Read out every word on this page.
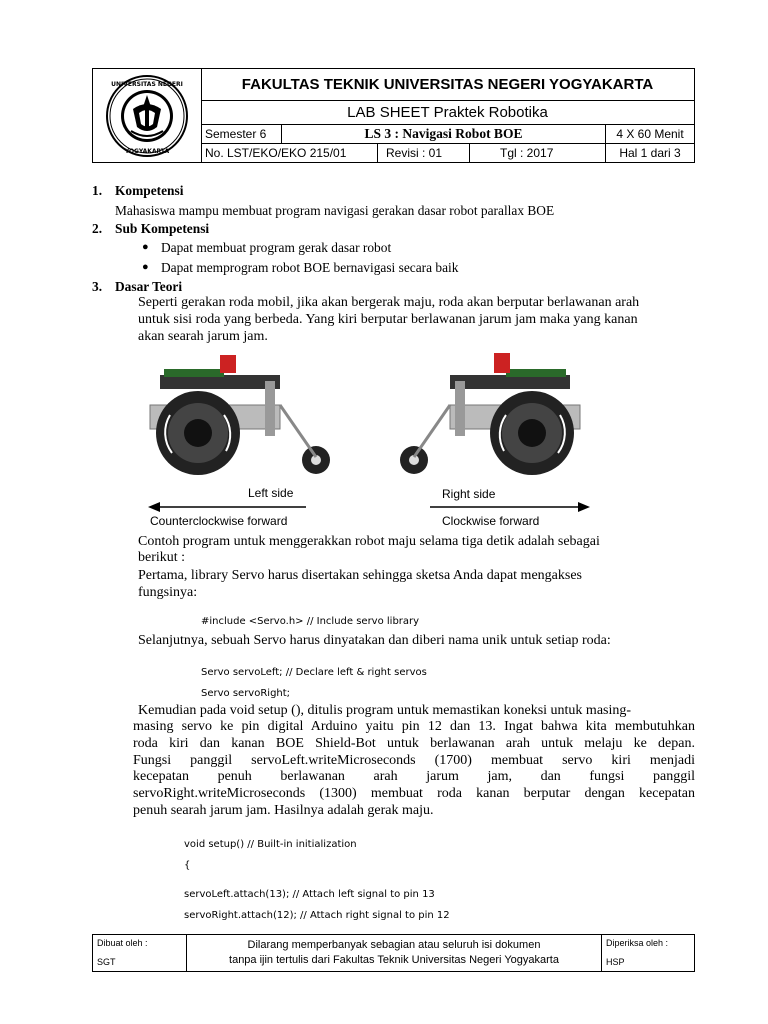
UNIVERSITAS NEGERI
YOGYAKARTA
FAKULTAS TEKNIK UNIVERSITAS NEGERI YOGYAKARTA
LAB SHEET Praktek Robotika
Semester 6	LS 3 : Navigasi Robot BOE	4 X 60 Menit
No. LST/EKO/EKO 215/01	Revisi : 01	Tgl : 2017	Hal 1 dari 3
1. Kompetensi
Mahasiswa mampu membuat program navigasi gerakan dasar robot parallax BOE
2. Sub Kompetensi
● Dapat membuat program gerak dasar robot
● Dapat memprogram robot BOE bernavigasi secara baik
3. Dasar Teori
Seperti gerakan roda mobil, jika akan bergerak maju, roda akan berputar berlawanan arah
untuk sisi roda yang berbeda. Yang kiri berputar berlawanan jarum jam maka yang kanan
akan searah jarum jam.
Left side	Right side
Counterclockwise forward	Clockwise forward
Contoh program untuk menggerakkan robot maju selama tiga detik adalah sebagai
berikut :
Pertama, library Servo harus disertakan sehingga sketsa Anda dapat mengakses
fungsinya:
#include <Servo.h> // Include servo library
Selanjutnya, sebuah Servo harus dinyatakan dan diberi nama unik untuk setiap roda:
Servo servoLeft; // Declare left & right servos
Servo servoRight;
Kemudian pada void setup (), ditulis program untuk memastikan koneksi untuk masing-
masing servo ke pin digital Arduino yaitu pin 12 dan 13. Ingat bahwa kita membutuhkan
roda kiri dan kanan BOE Shield-Bot untuk berlawanan arah untuk melaju ke depan.
Fungsi panggil servoLeft.writeMicroseconds (1700) membuat servo kiri menjadi
kecepatan penuh berlawanan arah jarum jam, dan fungsi panggil
servoRight.writeMicroseconds (1300) membuat roda kanan berputar dengan kecepatan
penuh searah jarum jam. Hasilnya adalah gerak maju.
void setup() // Built-in initialization
{
servoLeft.attach(13); // Attach left signal to pin 13
servoRight.attach(12); // Attach right signal to pin 12
Dibuat oleh :
SGT
Dilarang memperbanyak sebagian atau seluruh isi dokumen
tanpa ijin tertulis dari Fakultas Teknik Universitas Negeri Yogyakarta
Diperiksa oleh :
HSP
